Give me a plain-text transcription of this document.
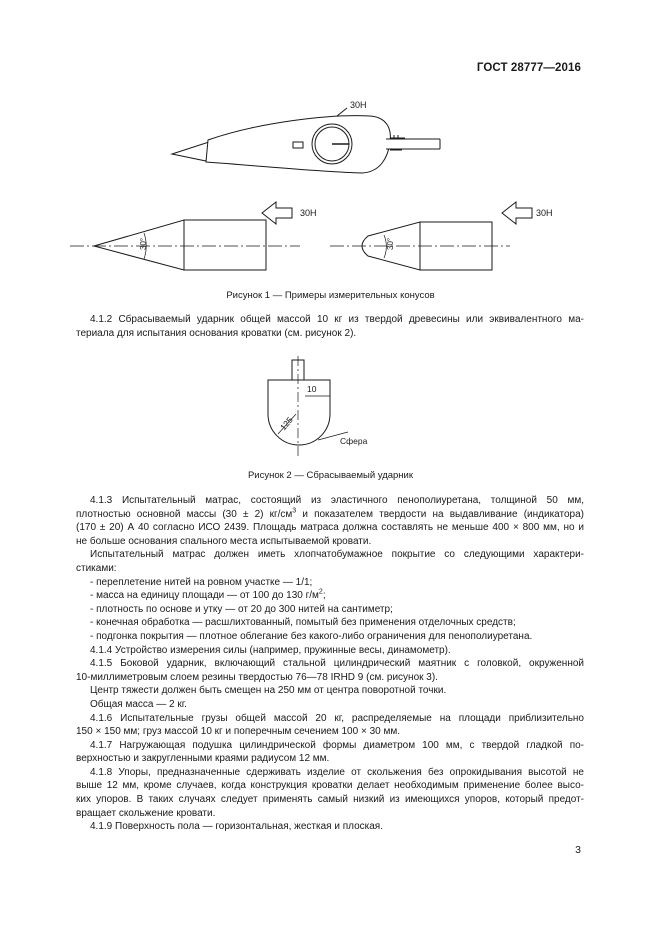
ГОСТ 28777—2016
30Н
30°
30Н
30°
30Н
Рисунок 1 — Примеры измерительных конусов

4.1.2 Сбрасываемый ударник общей массой 10 кг из твердой древесины или эквивалентного ма-

териала для испытания основания кроватки (см. рисунок 2).

10
125
Сфера
Рисунок 2 — Сбрасываемый ударник

4.1.3 Испытательный матрас, состоящий из эластичного пенополиуретана, толщиной 50 мм,

плотностью основной массы (30 ± 2) $кг/см^3$ и показателем твердости на выдавливание (индикатора)

(170 ± 20) А 40 согласно ИСО 2439. Площадь матраса должна составлять не меньше 400 × 800 мм, но и

не больше основания спального места испытываемой кровати.

Испытательный матрас должен иметь хлопчатобумажное покрытие со следующими характери-

стиками:

- переплетение нитей на ровном участке — 1/1;

- масса на единицу площади — от 100 до 130 $г/м^2$;

- плотность по основе и утку — от 20 до 300 нитей на сантиметр;

- конечная обработка — расшлихтованный, помытый без применения отделочных средств;

- подгонка покрытия — плотное облегание без какого-либо ограничения для пенополиуретана.

4.1.4 Устройство измерения силы (например, пружинные весы, динамометр).

4.1.5 Боковой ударник, включающий стальной цилиндрический маятник с головкой, окруженной

10-миллиметровым слоем резины твердостью 76—78 IRHD 9 (см. рисунок 3).

Центр тяжести должен быть смещен на 250 мм от центра поворотной точки.

Общая масса — 2 кг.

4.1.6 Испытательные грузы общей массой 20 кг, распределяемые на площади приблизительно

150 × 150 мм; груз массой 10 кг и поперечным сечением 100 × 30 мм.

4.1.7 Нагружающая подушка цилиндрической формы диаметром 100 мм, с твердой гладкой по-

верхностью и закругленными краями радиусом 12 мм.

4.1.8 Упоры, предназначенные сдерживать изделие от скольжения без опрокидывания высотой не

выше 12 мм, кроме случаев, когда конструкция кроватки делает необходимым применение более высо-

ких упоров. В таких случаях следует применять самый низкий из имеющихся упоров, который предот-

вращает скольжение кровати.

4.1.9 Поверхность пола — горизонтальная, жесткая и плоская.

3
